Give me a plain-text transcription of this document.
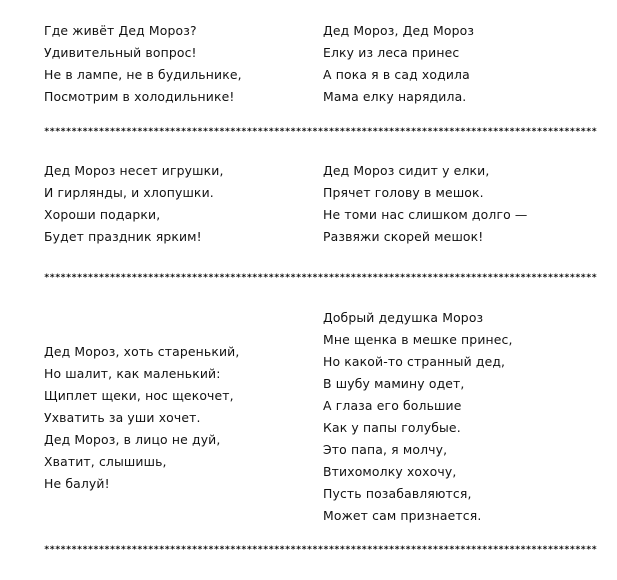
Где живёт Дед Мороз?
Удивительный вопрос!
Не в лампе, не в будильнике,
Посмотрим в холодильнике!
Дед Мороз, Дед Мороз
Елку из леса принес
А пока я в сад ходила
Мама елку нарядила.
*****************************************************************************************************
Дед Мороз несет игрушки,
И гирлянды, и хлопушки.
Хороши подарки,
Будет праздник ярким!
Дед Мороз сидит у елки,
Прячет голову в мешок.
Не томи нас слишком долго —
Развяжи скорей мешок!
*****************************************************************************************************
Дед Мороз, хоть старенький,
Но шалит, как маленький:
Щиплет щеки, нос щекочет,
Ухватить за уши хочет.
Дед Мороз, в лицо не дуй,
Хватит, слышишь,
Не балуй!
Добрый дедушка Мороз
Мне щенка в мешке принес,
Но какой-то странный дед,
В шубу мамину одет,
А глаза его большие
Как у папы голубые.
Это папа, я молчу,
Втихомолку хохочу,
Пусть позабавляются,
Может сам признается.
*****************************************************************************************************
